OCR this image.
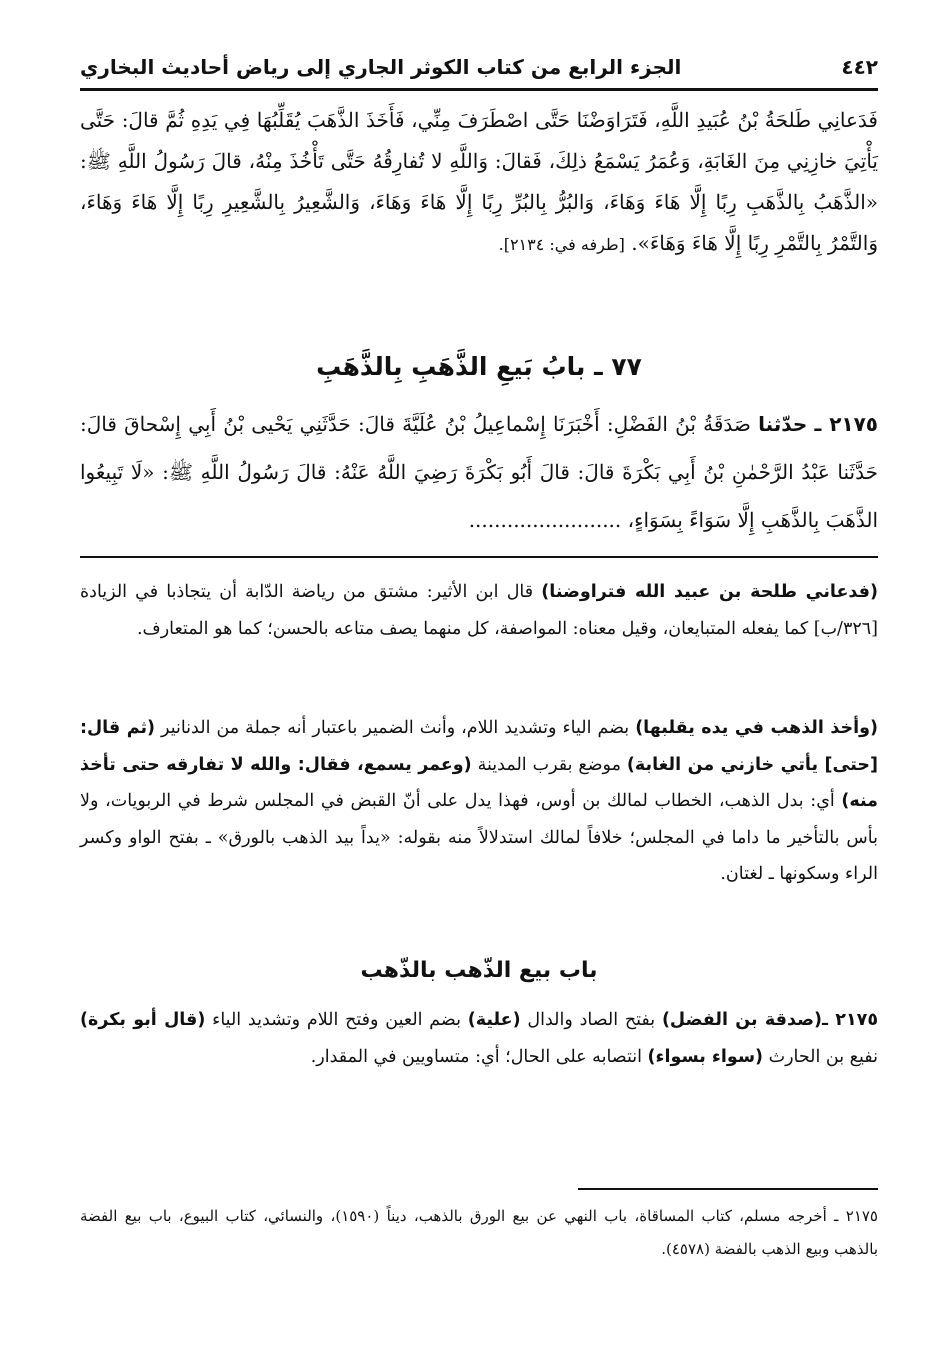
٤٤٢
الجزء الرابع من كتاب الكوثر الجاري إلى رياض أحاديث البخاري
فَدَعانِي طَلحَةُ بْنُ عُبَيدِ اللَّهِ، فَتَرَاوَضْنَا حَتَّى اصْطَرَفَ مِنِّي، فَأَخَذَ الذَّهَبَ يُقَلِّبُهَا فِي يَدِهِ ثُمَّ قالَ: حَتَّى يَأْتِيَ خازِنِي مِنَ الغَابَةِ، وَعُمَرُ يَسْمَعُ ذلِكَ، فَقالَ: وَاللَّهِ لا تُفارِقُهُ حَتَّى تَأْخُذَ مِنْهُ، قالَ رَسُولُ اللَّهِ ﷺ: «الذَّهَبُ بِالذَّهَبِ رِبًا إِلَّا هَاءَ وَهَاءَ، وَالبُرُّ بِالبُرِّ رِبًا إِلَّا هَاءَ وَهَاءَ، وَالشَّعِيرُ بِالشَّعِيرِ رِبًا إِلَّا هَاءَ وَهَاءَ، وَالتَّمْرُ بِالتَّمْرِ رِبًا إِلَّا هَاءَ وَهَاءَ». [طرفه في: ٢١٣٤].
٧٧ ـ بابُ بَيعِ الذَّهَبِ بِالذَّهَبِ
٢١٧٥ ـ حدّثنا صَدَقَةُ بْنُ الفَضْلِ: أَخْبَرَنَا إِسْماعِيلُ بْنُ عُلَيَّةَ قالَ: حَدَّثَنِي يَحْيى بْنُ أَبِي إِسْحاقَ قالَ: حَدَّثَنا عَبْدُ الرَّحْمٰنِ بْنُ أَبِي بَكْرَةَ قالَ: قالَ أَبُو بَكْرَةَ رَضِيَ اللَّهُ عَنْهُ: قالَ رَسُولُ اللَّهِ ﷺ: «لَا تَبِيعُوا الذَّهَبَ بِالذَّهَبِ إِلَّا سَوَاءً بِسَوَاءٍ، ........................
(فدعاني طلحة بن عبيد الله فتراوضنا) قال ابن الأثير: مشتق من رياضة الدّابة أن يتجاذبا في الزيادة [٣٢٦/ب] كما يفعله المتبايعان، وقيل معناه: المواصفة، كل منهما يصف متاعه بالحسن؛ كما هو المتعارف.
(وأخذ الذهب في يده يقلبها) بضم الياء وتشديد اللام، وأنث الضمير باعتبار أنه جملة من الدنانير (ثم قال: [حتى] يأتي خازني من الغابة) موضع بقرب المدينة (وعمر يسمع، فقال: والله لا تفارقه حتى تأخذ منه) أي: بدل الذهب، الخطاب لمالك بن أوس، فهذا يدل على أنّ القبض في المجلس شرط في الربويات، ولا بأس بالتأخير ما داما في المجلس؛ خلافاً لمالك استدلالاً منه بقوله: «يداً بيد الذهب بالورق» ـ بفتح الواو وكسر الراء وسكونها ـ لغتان.
باب بيع الذّهب بالذّهب
٢١٧٥ ـ(صدقة بن الفضل) بفتح الصاد والدال (علية) بضم العين وفتح اللام وتشديد الياء (قال أبو بكرة) نفيع بن الحارث (سواء بسواء) انتصابه على الحال؛ أي: متساويين في المقدار.
٢١٧٥ ـ أخرجه مسلم، كتاب المساقاة، باب النهي عن بيع الورق بالذهب، ديناً (١٥٩٠)، والنسائي، كتاب البيوع، باب بيع الفضة بالذهب وبيع الذهب بالفضة (٤٥٧٨).
